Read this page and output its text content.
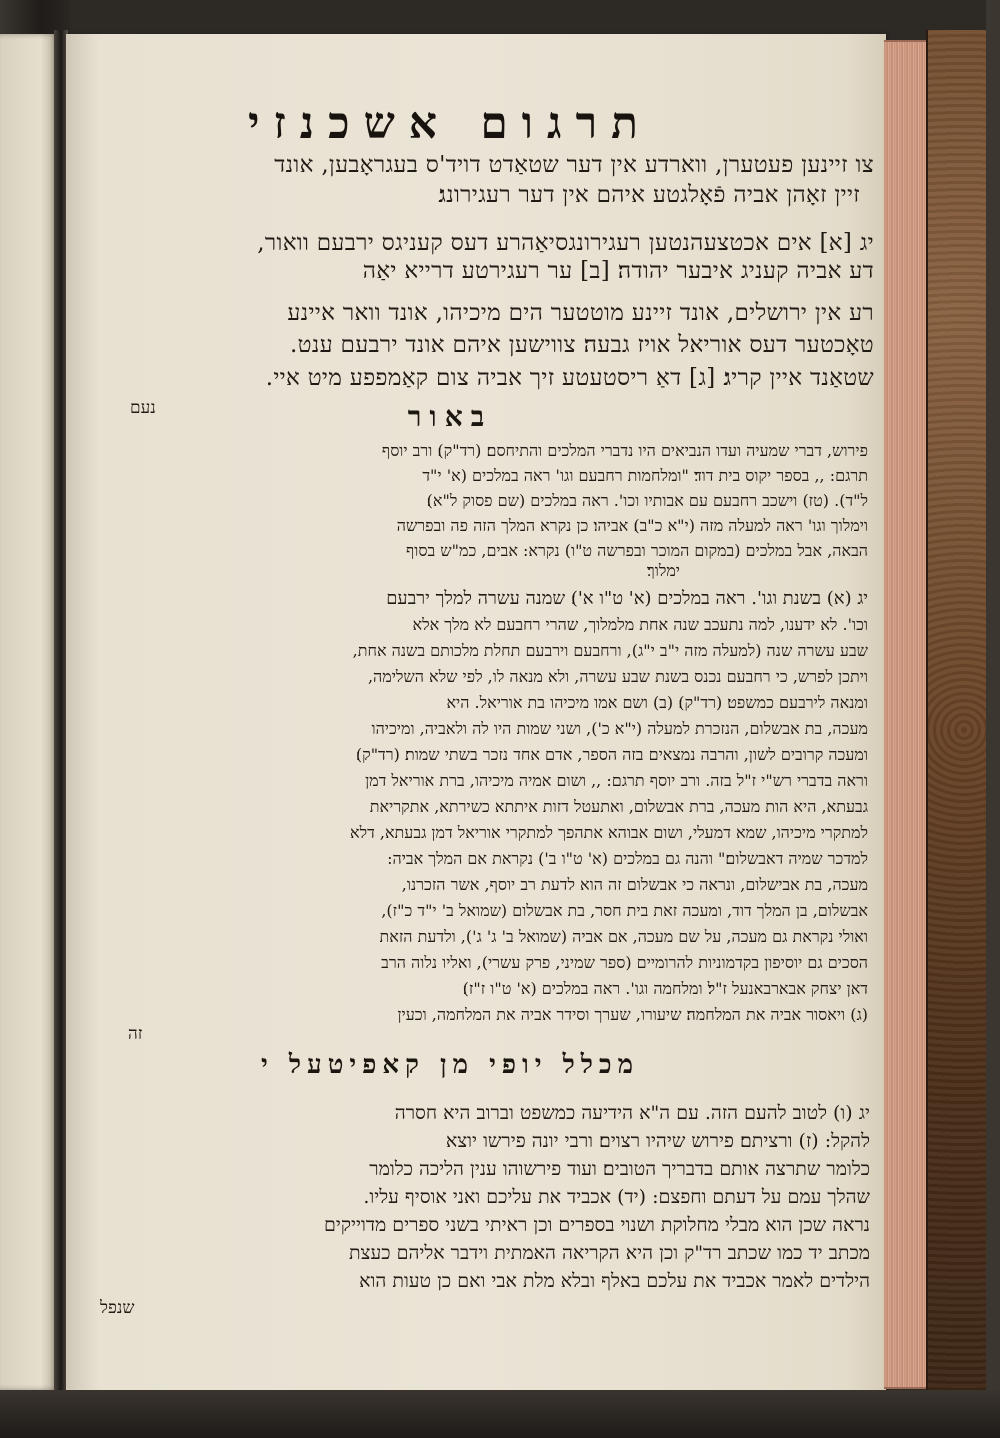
תרגום אשכנזי
צו זיינען פעטערן, ווארדע אין דער שטאַדט דויד'ס בעגראָבען, אונד
זיין זאָהן אביה פֿאָלגטע איהם אין דער רעגירונג׃
יג [א] אים אכטצעהנטען רעגירונגסיאַהרע דעס קעניגס ירבעם וואור,
דע אביה קעניג איבער יהודה׃ [ב] ער רעגירטע דרייא יאַה
רע אין ירושלים, אונד זיינע מוטטער הים מיכיהו, אונד וואר איינע
טאָכטער דעס אוריאל אויז גבעה׃ צווישען איהם אונד ירבעם ענט.
שטאַנד איין קריג׃ [ג] דאַ ריסטעטע זיך אביה צום קאַמפפע מיט איי.
נעם	באור
פירוש, דברי שמעיה ועדו הנביאים היו נדברי המלכים והתיחסם׃ (רד"ק)׃ ורב יוסף
תרגם: ,, בספר יקוס בית דוד׃ "ומלחמות רחבעם וגו' ראה במלכים (א' י"ד
ל"ד). (טז) וישכב רחבעם עם אבותיו וכו'. ראה במלכים (שם פסוק ל"א)׃
וימלוך וגו' ראה למעלה מזה (י"א כ"ב)׃ אביהו׃ כן נקרא המלך הזה פה ובפרשה
הבאה, אבל במלכים (במקום המוכר ובפרשה ט"ו) נקרא: אבים, כמ"ש בסוף
ימלוך׃
יג (א) בשנת וגו'. ראה במלכים (א' ט"ו א')׃ שמנה עשרה למלך ירבעם
וכו'. לא ידענו, למה נתעכב שנה אחת מלמלוך, שהרי רחבעם לא מלך אלא
שבע עשרה שנה (למעלה מזה י"ב י"ג), ורחבעם וירבעם תחלת מלכותם בשנה אחת,
ויתכן לפרש, כי רחבעם נכנס בשנת שבע עשרה, ולא מנאה לו, לפי שלא השלימה,
ומנאה לירבעם כמשפט׃ (רד"ק)׃ (ב) ושם אמו מיכיהו בת אוריאל. היא
מעכה, בת אבשלום, הנזכרת למעלה (י"א כ'), ושני שמות היו לה ולאביה, ומיכיהו
ומעכה קרובים לשון, והרבה נמצאים בזה הספר, אדם אחד נזכר בשתי שמות׃ (רד"ק)׃
וראה בדברי רש"י ז"ל בזה. ורב יוסף תרגם: ,, ושום אמיה מיכיהו, ברת אוריאל דמן
גבעתא, היא הות מעכה, ברת אבשלום, ואתעטל דזות איתתא כשירתא, אתקריאת
למתקרי מיכיהו, שמא דמעלי, ושום אבוהא אתהפך למתקרי אוריאל דמן גבעתא, דלא
למדכר שמיה דאבשלום׃" והנה גם במלכים (א' ט"ו ב') נקראת אם המלך אביה:
מעכה, בת אבישלום, ונראה כי אבשלום זה הוא לדעת רב יוסף, אשר הזכרנו,
אבשלום, בן המלך דוד, ומעכה זאת בית חסר, בת אבשלום (שמואל ב' י"ד כ"ז),
ואולי נקראת גם מעכה, על שם מעכה, אם אביה (שמואל ב' ג' ג'), ולדעת הזאת
הסכים גם יוסיפון בקדמוניות להרומיים (ספר שמיני, פרק עשרי), ואליו נלוה הרב
דאן יצחק אבארבאנעל ז"ל׃ ומלחמה וגו'. ראה במלכים (א' ט"ו ז"ז)׃
(ג) ויאסור אביה את המלחמה׃ שיעורו, שערך וסידר אביה את המלחמה, וכעין
זה
מכלל יופי מן קאפיטעל י
יג (ו) לטוב להעם הזה. עם ה"א הידיעה כמשפט וברוב היא חסרה
להקל: (ז) ורציתם׃ פירוש שיהיו רצוים׃ ורבי יונה פירשו יוצא
כלומר שתרצה אותם בדבריך הטובים׃ ועוד פירשוהו ענין הליכה כלומר
שהלך עמם על דעתם וחפצם: (יד) אכביד את עליכם ואני אוסיף עליו.
נראה שכן הוא מבלי מחלוקת ושנוי בספרים וכן ראיתי בשני ספרים מדוייקים
מכתב יד כמו שכתב רד"ק וכן היא הקריאה האמתית וידבר אליהם כעצת
הילדים לאמר אכביד את עלכם באלף ובלא מלת אבי ואם כן טעות הוא
שנפל
